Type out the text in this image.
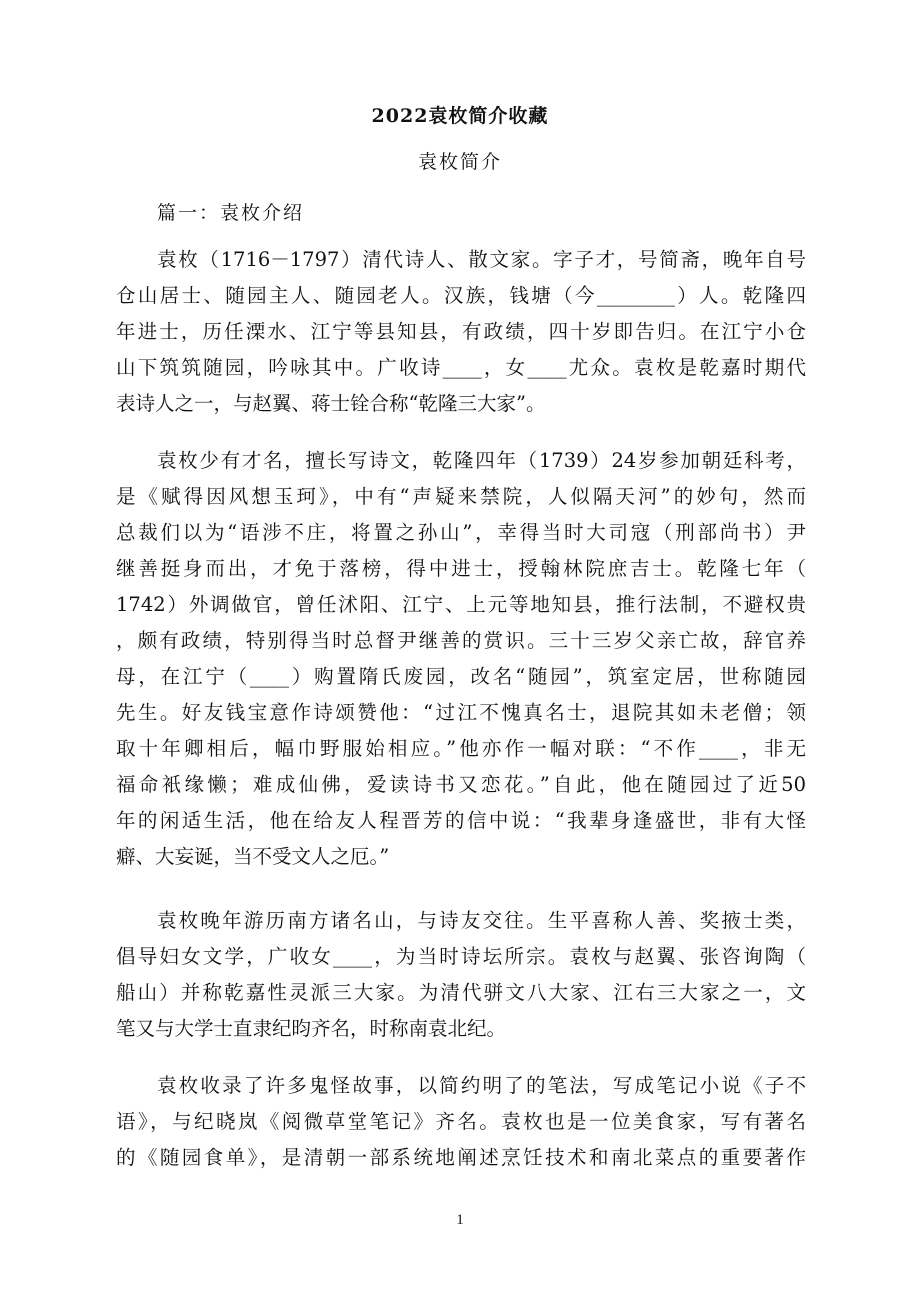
2022袁枚简介收藏
袁枚简介
篇一：袁枚介绍
袁枚（1716－1797）清代诗人、散文家。字子才，号简斋，晚年自号
仓山居士、随园主人、随园老人。汉族，钱塘（今________）人。乾隆四
年进士，历任溧水、江宁等县知县，有政绩，四十岁即告归。在江宁小仓
山下筑筑随园，吟咏其中。广收诗____，女____尤众。袁枚是乾嘉时期代
表诗人之一，与赵翼、蒋士铨合称“乾隆三大家”。
袁枚少有才名，擅长写诗文，乾隆四年（1739）24岁参加朝廷科考，
是《赋得因风想玉珂》，中有“声疑来禁院，人似隔天河”的妙句，然而
总裁们以为“语涉不庄，将置之孙山”，幸得当时大司寇（刑部尚书）尹
继善挺身而出，才免于落榜，得中进士，授翰林院庶吉士。乾隆七年（
1742）外调做官，曾任沭阳、江宁、上元等地知县，推行法制，不避权贵
，颇有政绩，特别得当时总督尹继善的赏识。三十三岁父亲亡故，辞官养
母，在江宁（____）购置隋氏废园，改名“随园”，筑室定居，世称随园
先生。好友钱宝意作诗颂赞他：“过江不愧真名士，退院其如未老僧；领
取十年卿相后，幅巾野服始相应。”他亦作一幅对联：“不作____，非无
福命衹缘懒；难成仙佛，爱读诗书又恋花。”自此，他在随园过了近50
年的闲适生活，他在给友人程晋芳的信中说：“我辈身逢盛世，非有大怪
癖、大妄诞，当不受文人之厄。”
袁枚晚年游历南方诸名山，与诗友交往。生平喜称人善、奖掖士类，
倡导妇女文学，广收女____，为当时诗坛所宗。袁枚与赵翼、张咨询陶（
船山）并称乾嘉性灵派三大家。为清代骈文八大家、江右三大家之一，文
笔又与大学士直隶纪昀齐名，时称南袁北纪。
袁枚收录了许多鬼怪故事，以简约明了的笔法，写成笔记小说《子不
语》，与纪晓岚《阅微草堂笔记》齐名。袁枚也是一位美食家，写有著名
的《随园食单》，是清朝一部系统地阐述烹饪技术和南北菜点的重要著作
1
